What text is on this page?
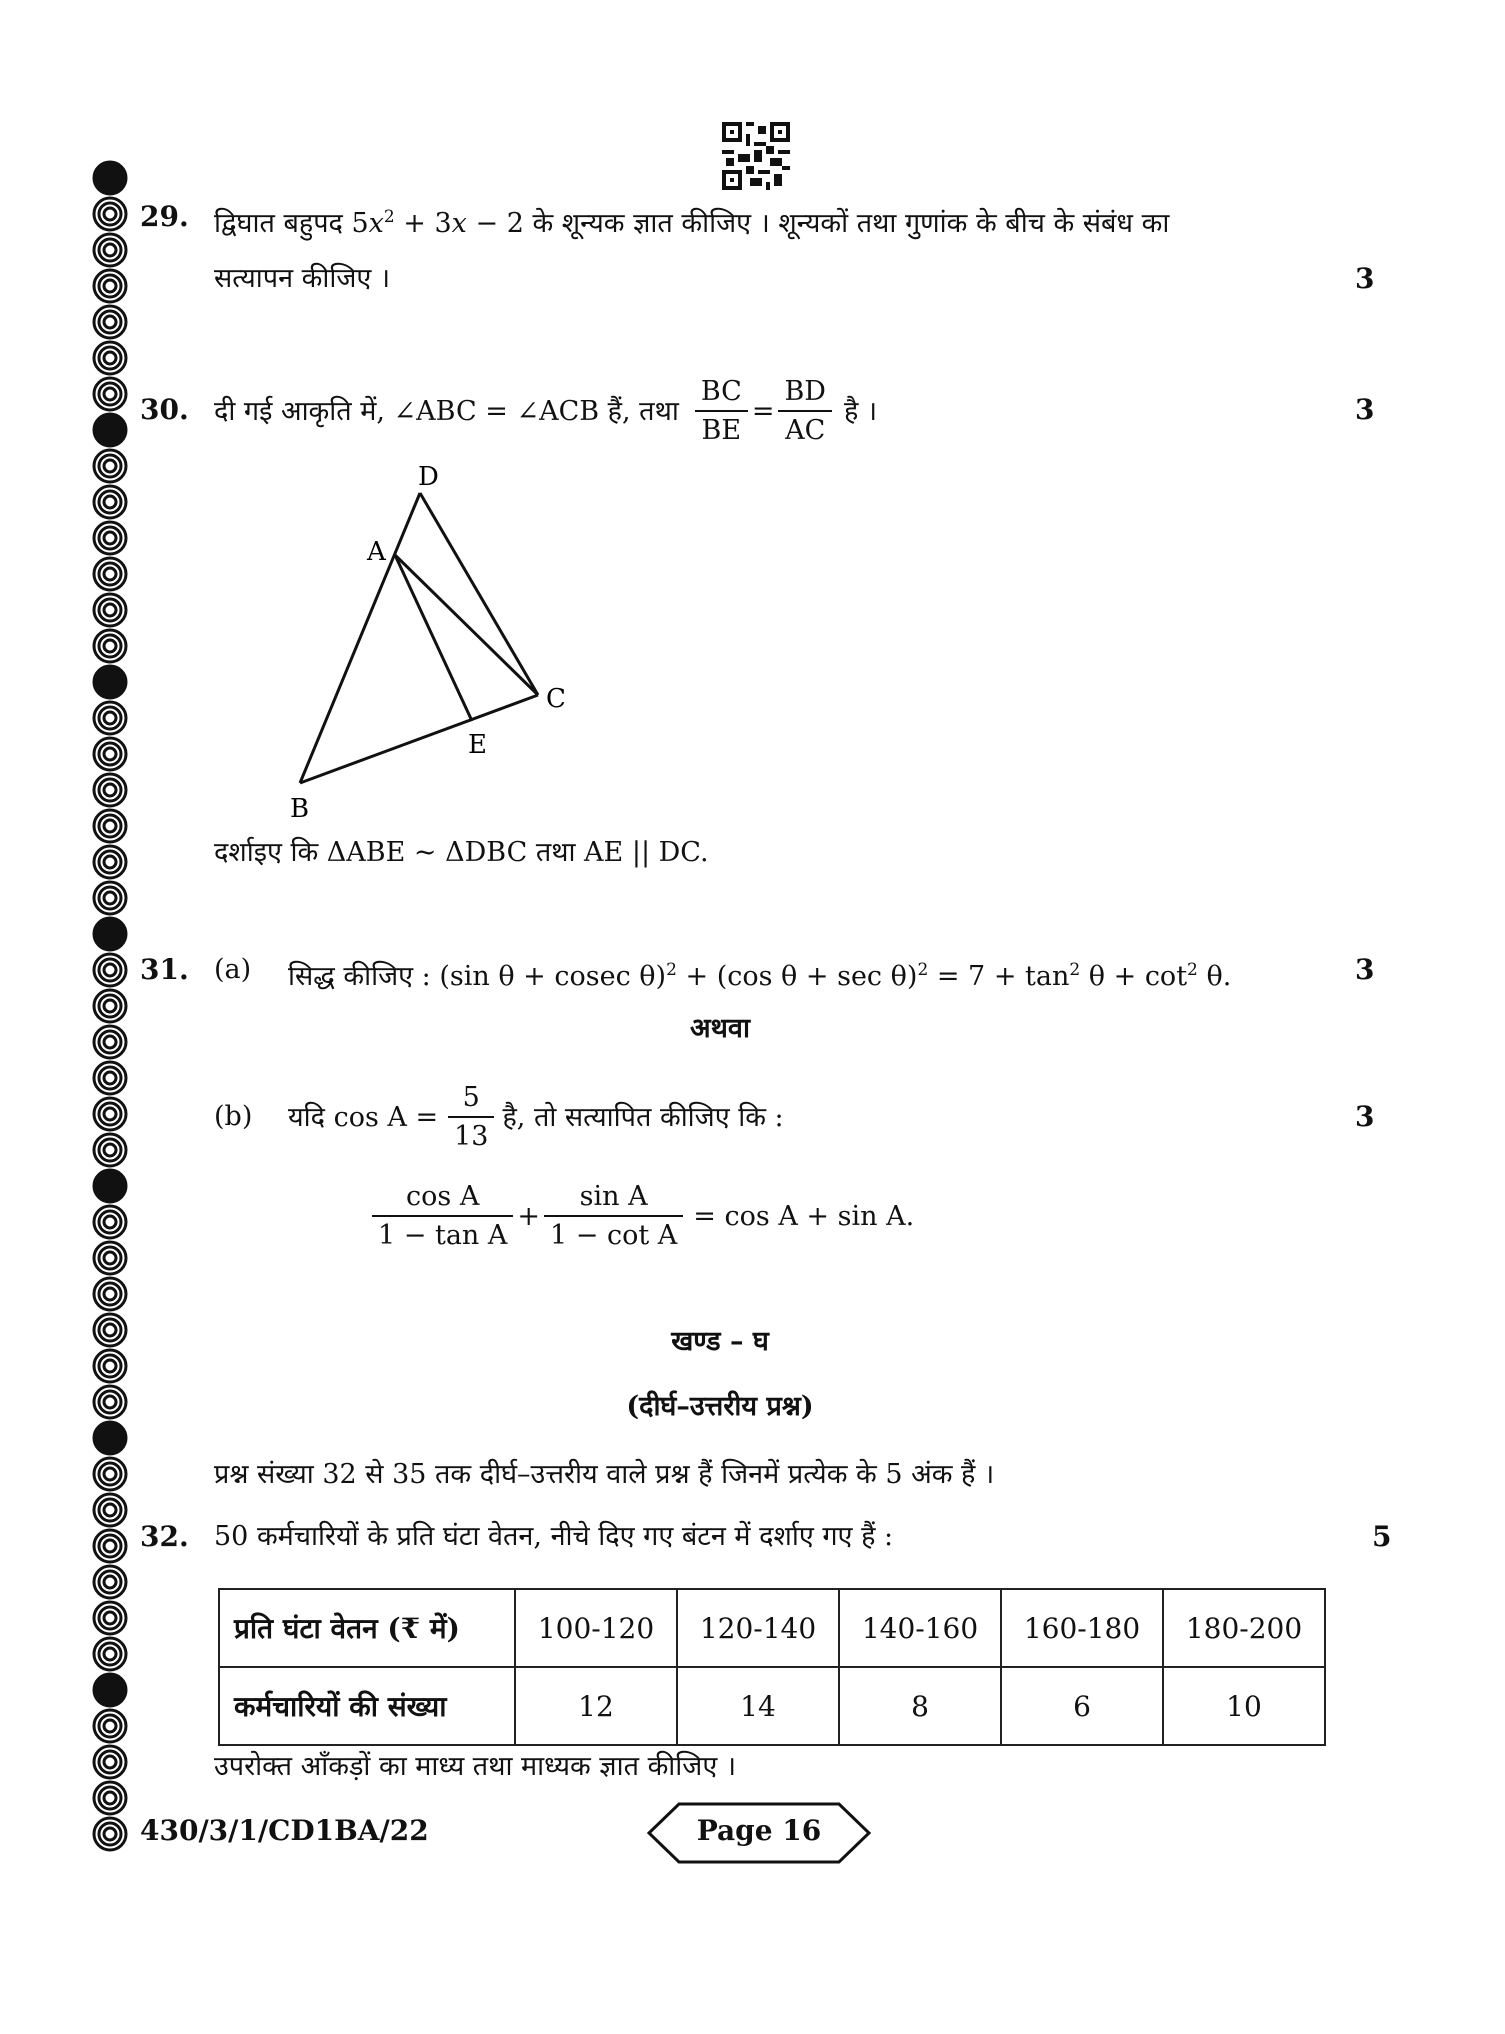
29. द्विघात बहुपद $5x^2 + 3x - 2$ के शून्यक ज्ञात कीजिए । शून्यकों तथा गुणांक के बीच के संबंध का
सत्यापन कीजिए ।	3
30. दी गई आकृति में, ∠ABC = ∠ACB हैं, तथा $\frac{BC}{BE} = \frac{BD}{AC}$ है ।	3
D
A
C
E
B
दर्शाइए कि ΔABE ~ ΔDBC तथा AE || DC.
31. (a) सिद्ध कीजिए : (sin θ + cosec θ)$^2$ + (cos $\theta + \sec \theta)^2 = 7 + \tan^2 \theta + \cot^2 \theta$.	3
अथवा
(b) यदि $\cos A = \frac{5}{13}$ है, तो सत्यापित कीजिए कि :	3
$\frac{\text{cos A}}{\text{1 − tan A}} + \frac{\text{sin A}}{\text{1 − cot A}} = \cos A + \sin A$.
खण्ड – घ
(दीर्घ–उत्तरीय प्रश्न)
प्रश्न संख्या 32 से 35 तक दीर्घ–उत्तरीय वाले प्रश्न हैं जिनमें प्रत्येक के 5 अंक हैं ।
32. 50 कर्मचारियों के प्रति घंटा वेतन, नीचे दिए गए बंटन में दर्शाए गए हैं :	5
प्रति घंटा वेतन (₹ में)	100-120	120-140	140-160	160-180	180-200
कर्मचारियों की संख्या	12	14	8	6	10
उपरोक्त आँकड़ों का माध्य तथा माध्यक ज्ञात कीजिए ।
430/3/1/CD1BA/22	Page 16
